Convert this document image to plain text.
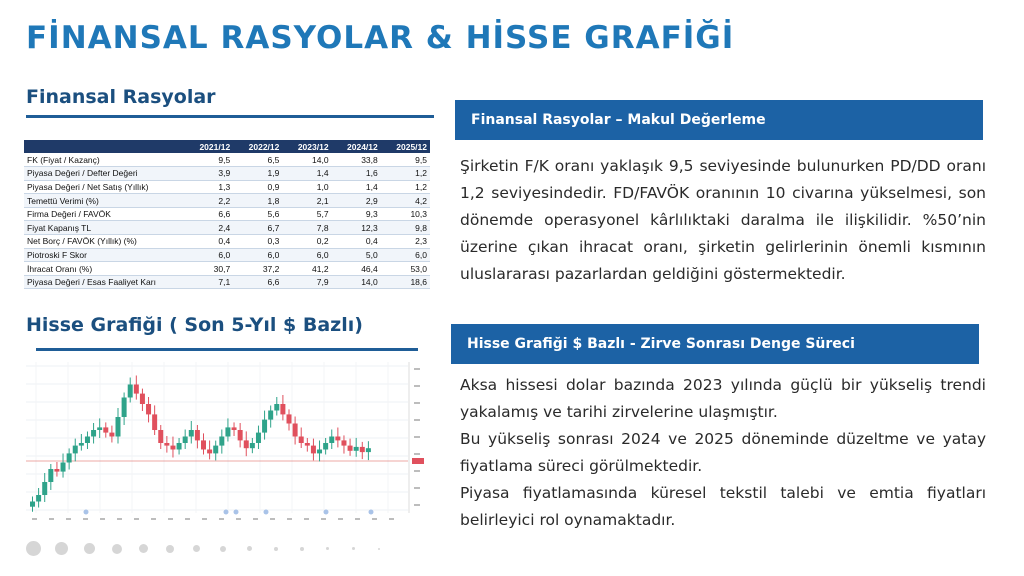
FİNANSAL RASYOLAR & HİSSE GRAFİĞİ
Finansal Rasyolar
	2021/12	2022/12	2023/12	2024/12	2025/12
FK (Fiyat / Kazanç)	9,5	6,5	14,0	33,8	9,5
Piyasa Değeri / Defter Değeri	3,9	1,9	1,4	1,6	1,2
Piyasa Değeri / Net Satış (Yıllık)	1,3	0,9	1,0	1,4	1,2
Temettü Verimi (%)	2,2	1,8	2,1	2,9	4,2
Firma Değeri / FAVÖK	6,6	5,6	5,7	9,3	10,3
Fiyat Kapanış TL	2,4	6,7	7,8	12,3	9,8
Net Borç / FAVÖK (Yıllık) (%)	0,4	0,3	0,2	0,4	2,3
Piotroski F Skor	6,0	6,0	6,0	5,0	6,0
İhracat Oranı (%)	30,7	37,2	41,2	46,4	53,0
Piyasa Değeri / Esas Faaliyet Karı	7,1	6,6	7,9	14,0	18,6
Hisse Grafiği ( Son 5-Yıl $ Bazlı)
Finansal Rasyolar – Makul Değerleme
Şirketin F/K oranı yaklaşık 9,5 seviyesinde bulunurken PD/DD oranı 1,2 seviyesindedir. FD/FAVÖK oranının 10 civarına yükselmesi, son dönemde operasyonel kârlılıktaki daralma ile ilişkilidir. %50’nin üzerine çıkan ihracat oranı, şirketin gelirlerinin önemli kısmının uluslararası pazarlardan geldiğini göstermektedir.
Hisse Grafiği $ Bazlı - Zirve Sonrası Denge Süreci

Aksa hissesi dolar bazında 2023 yılında güçlü bir yükseliş trendi yakalamış ve tarihi zirvelerine ulaşmıştır.

Bu yükseliş sonrası 2024 ve 2025 döneminde düzeltme ve yatay fiyatlama süreci görülmektedir.

Piyasa fiyatlamasında küresel tekstil talebi ve emtia fiyatları belirleyici rol oynamaktadır.
